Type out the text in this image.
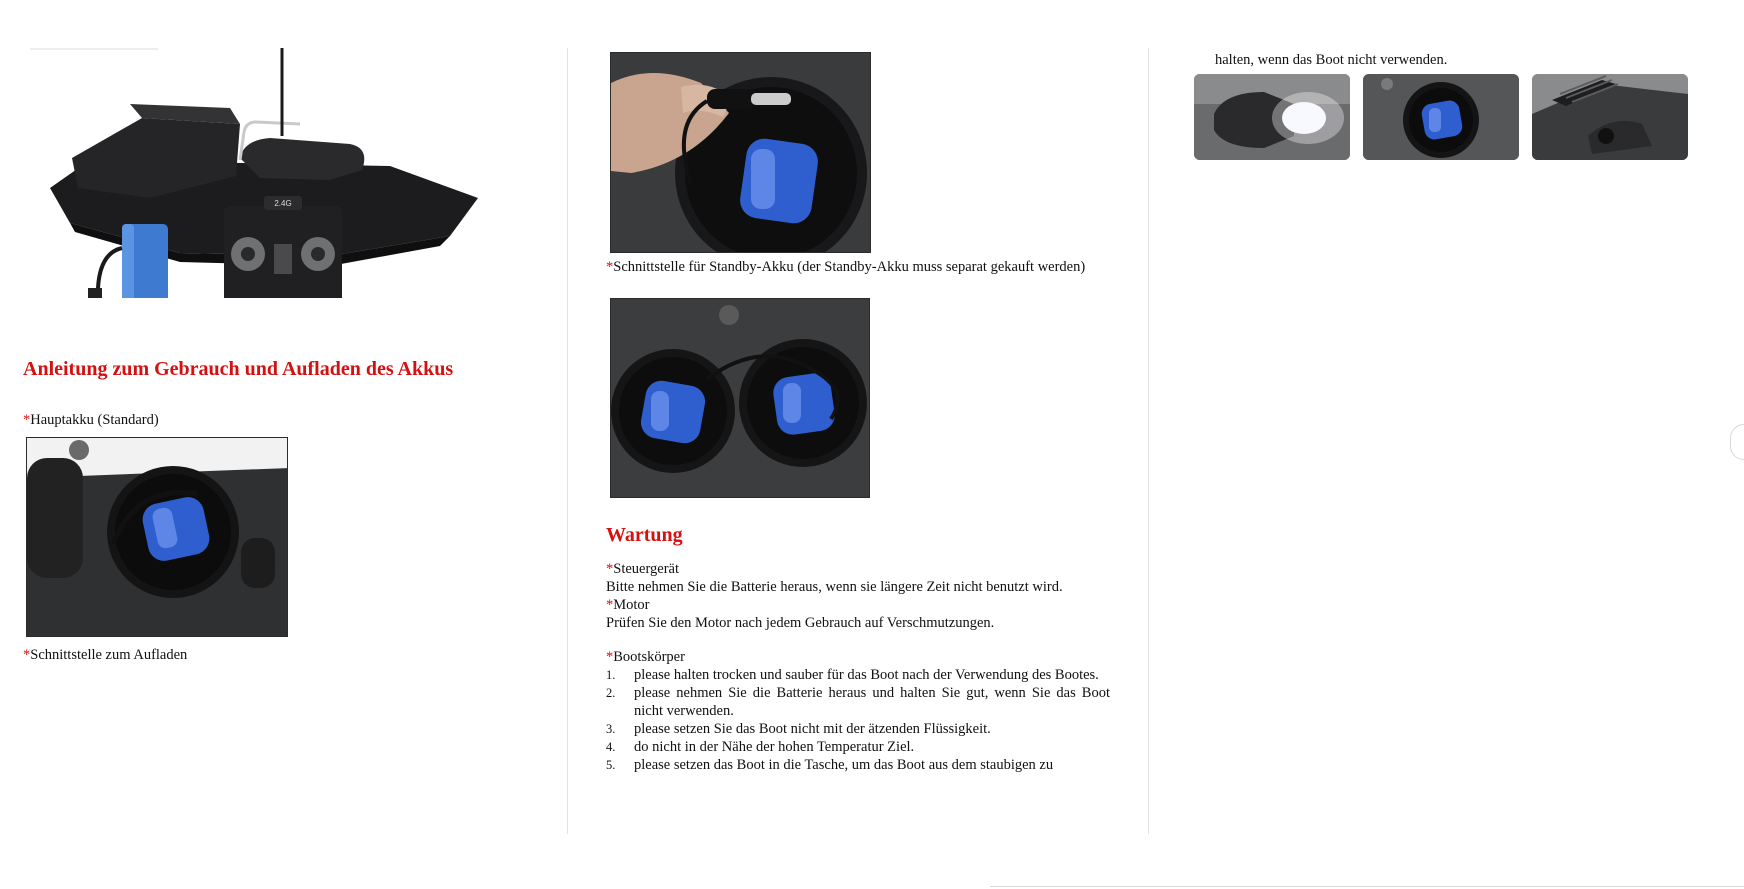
2.4G
Anleitung zum Gebrauch und Aufladen des Akkus
*Hauptakku (Standard)
*Schnittstelle zum Aufladen
*Schnittstelle für Standby-Akku (der Standby-Akku muss separat gekauft werden)
Wartung
*Steuergerät
Bitte nehmen Sie die Batterie heraus, wenn sie längere Zeit nicht benutzt wird.
*Motor
Prüfen Sie den Motor nach jedem Gebrauch auf Verschmutzungen.
*Bootskörper
1. please halten trocken und sauber für das Boot nach der Verwendung des Bootes.
2. please nehmen Sie die Batterie heraus und halten Sie gut, wenn Sie das Boot nicht verwenden.
3. please setzen Sie das Boot nicht mit der ätzenden Flüssigkeit.
4. do nicht in der Nähe der hohen Temperatur Ziel.
5. please setzen das Boot in die Tasche, um das Boot aus dem staubigen zu
halten, wenn das Boot nicht verwenden.
